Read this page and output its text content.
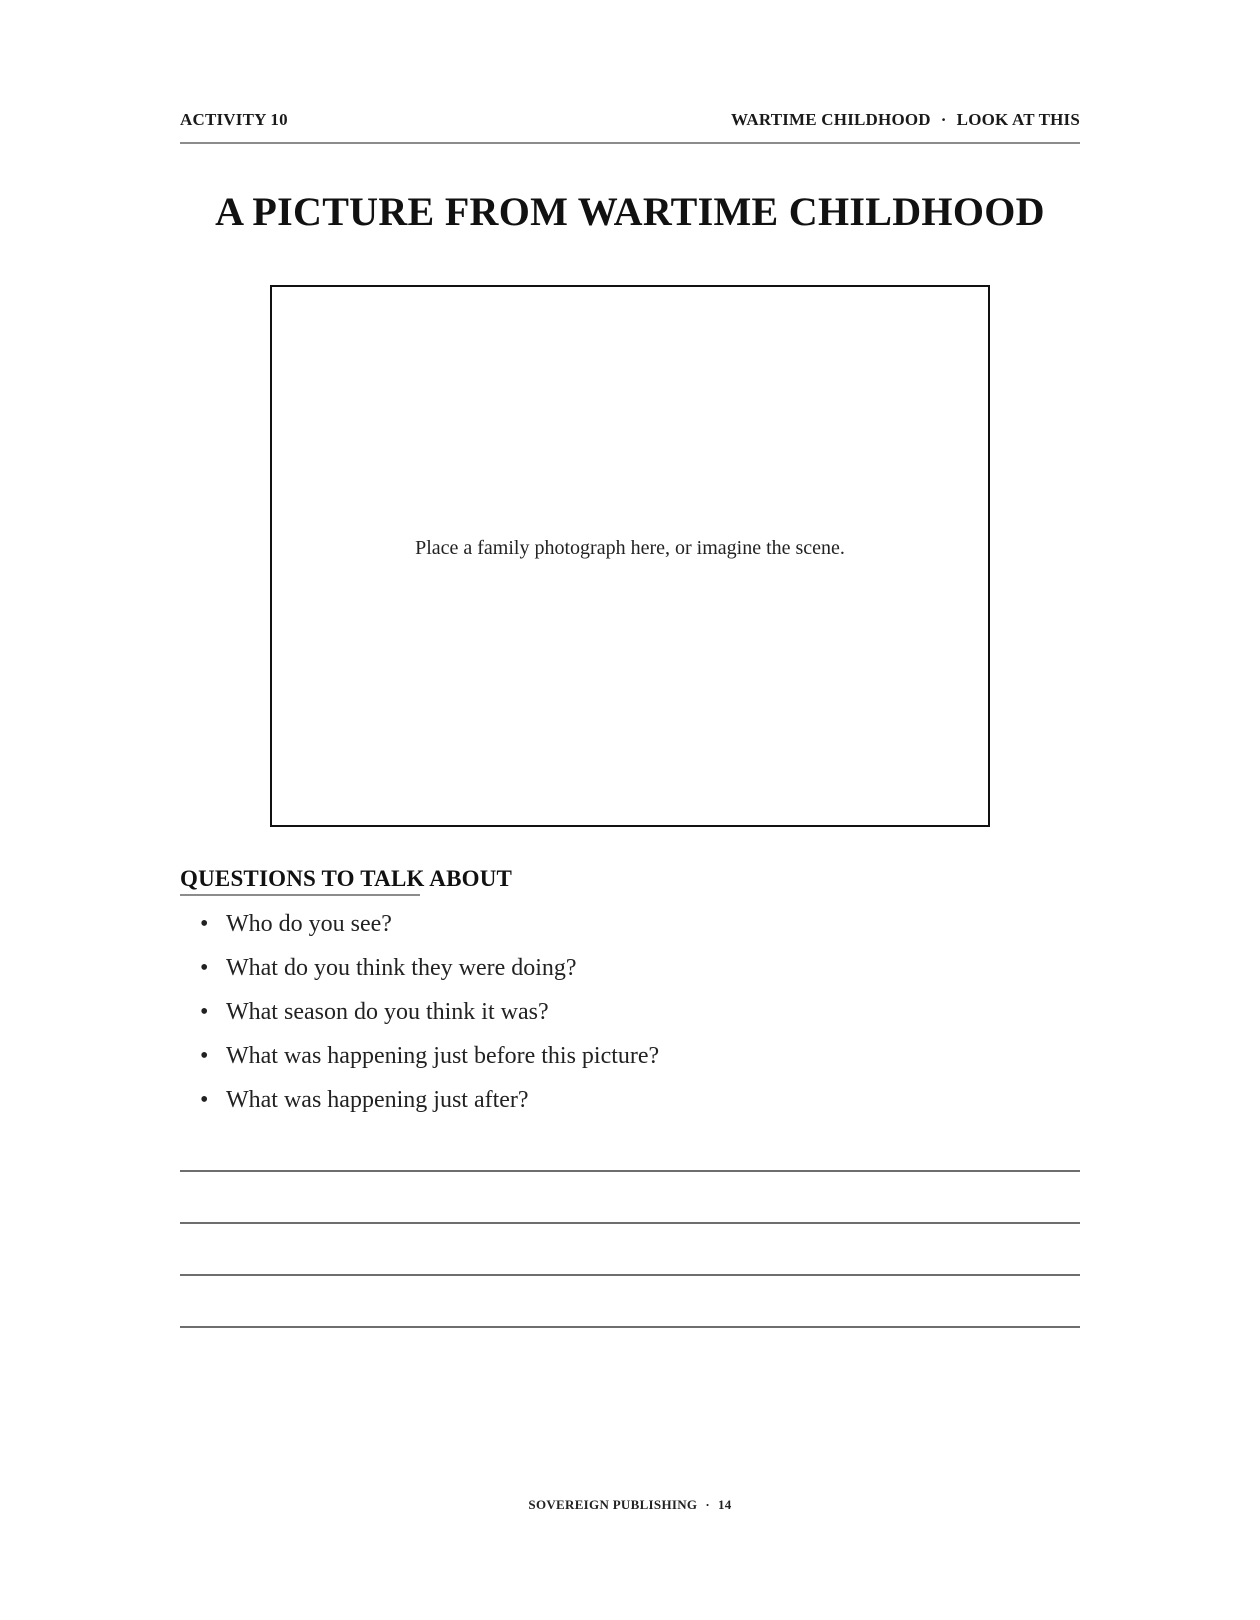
ACTIVITY 10	WARTIME CHILDHOOD · LOOK AT THIS
A PICTURE FROM WARTIME CHILDHOOD
Place a family photograph here, or imagine the scene.
QUESTIONS TO TALK ABOUT
• Who do you see?
• What do you think they were doing?
• What season do you think it was?
• What was happening just before this picture?
• What was happening just after?
SOVEREIGN PUBLISHING · 14
